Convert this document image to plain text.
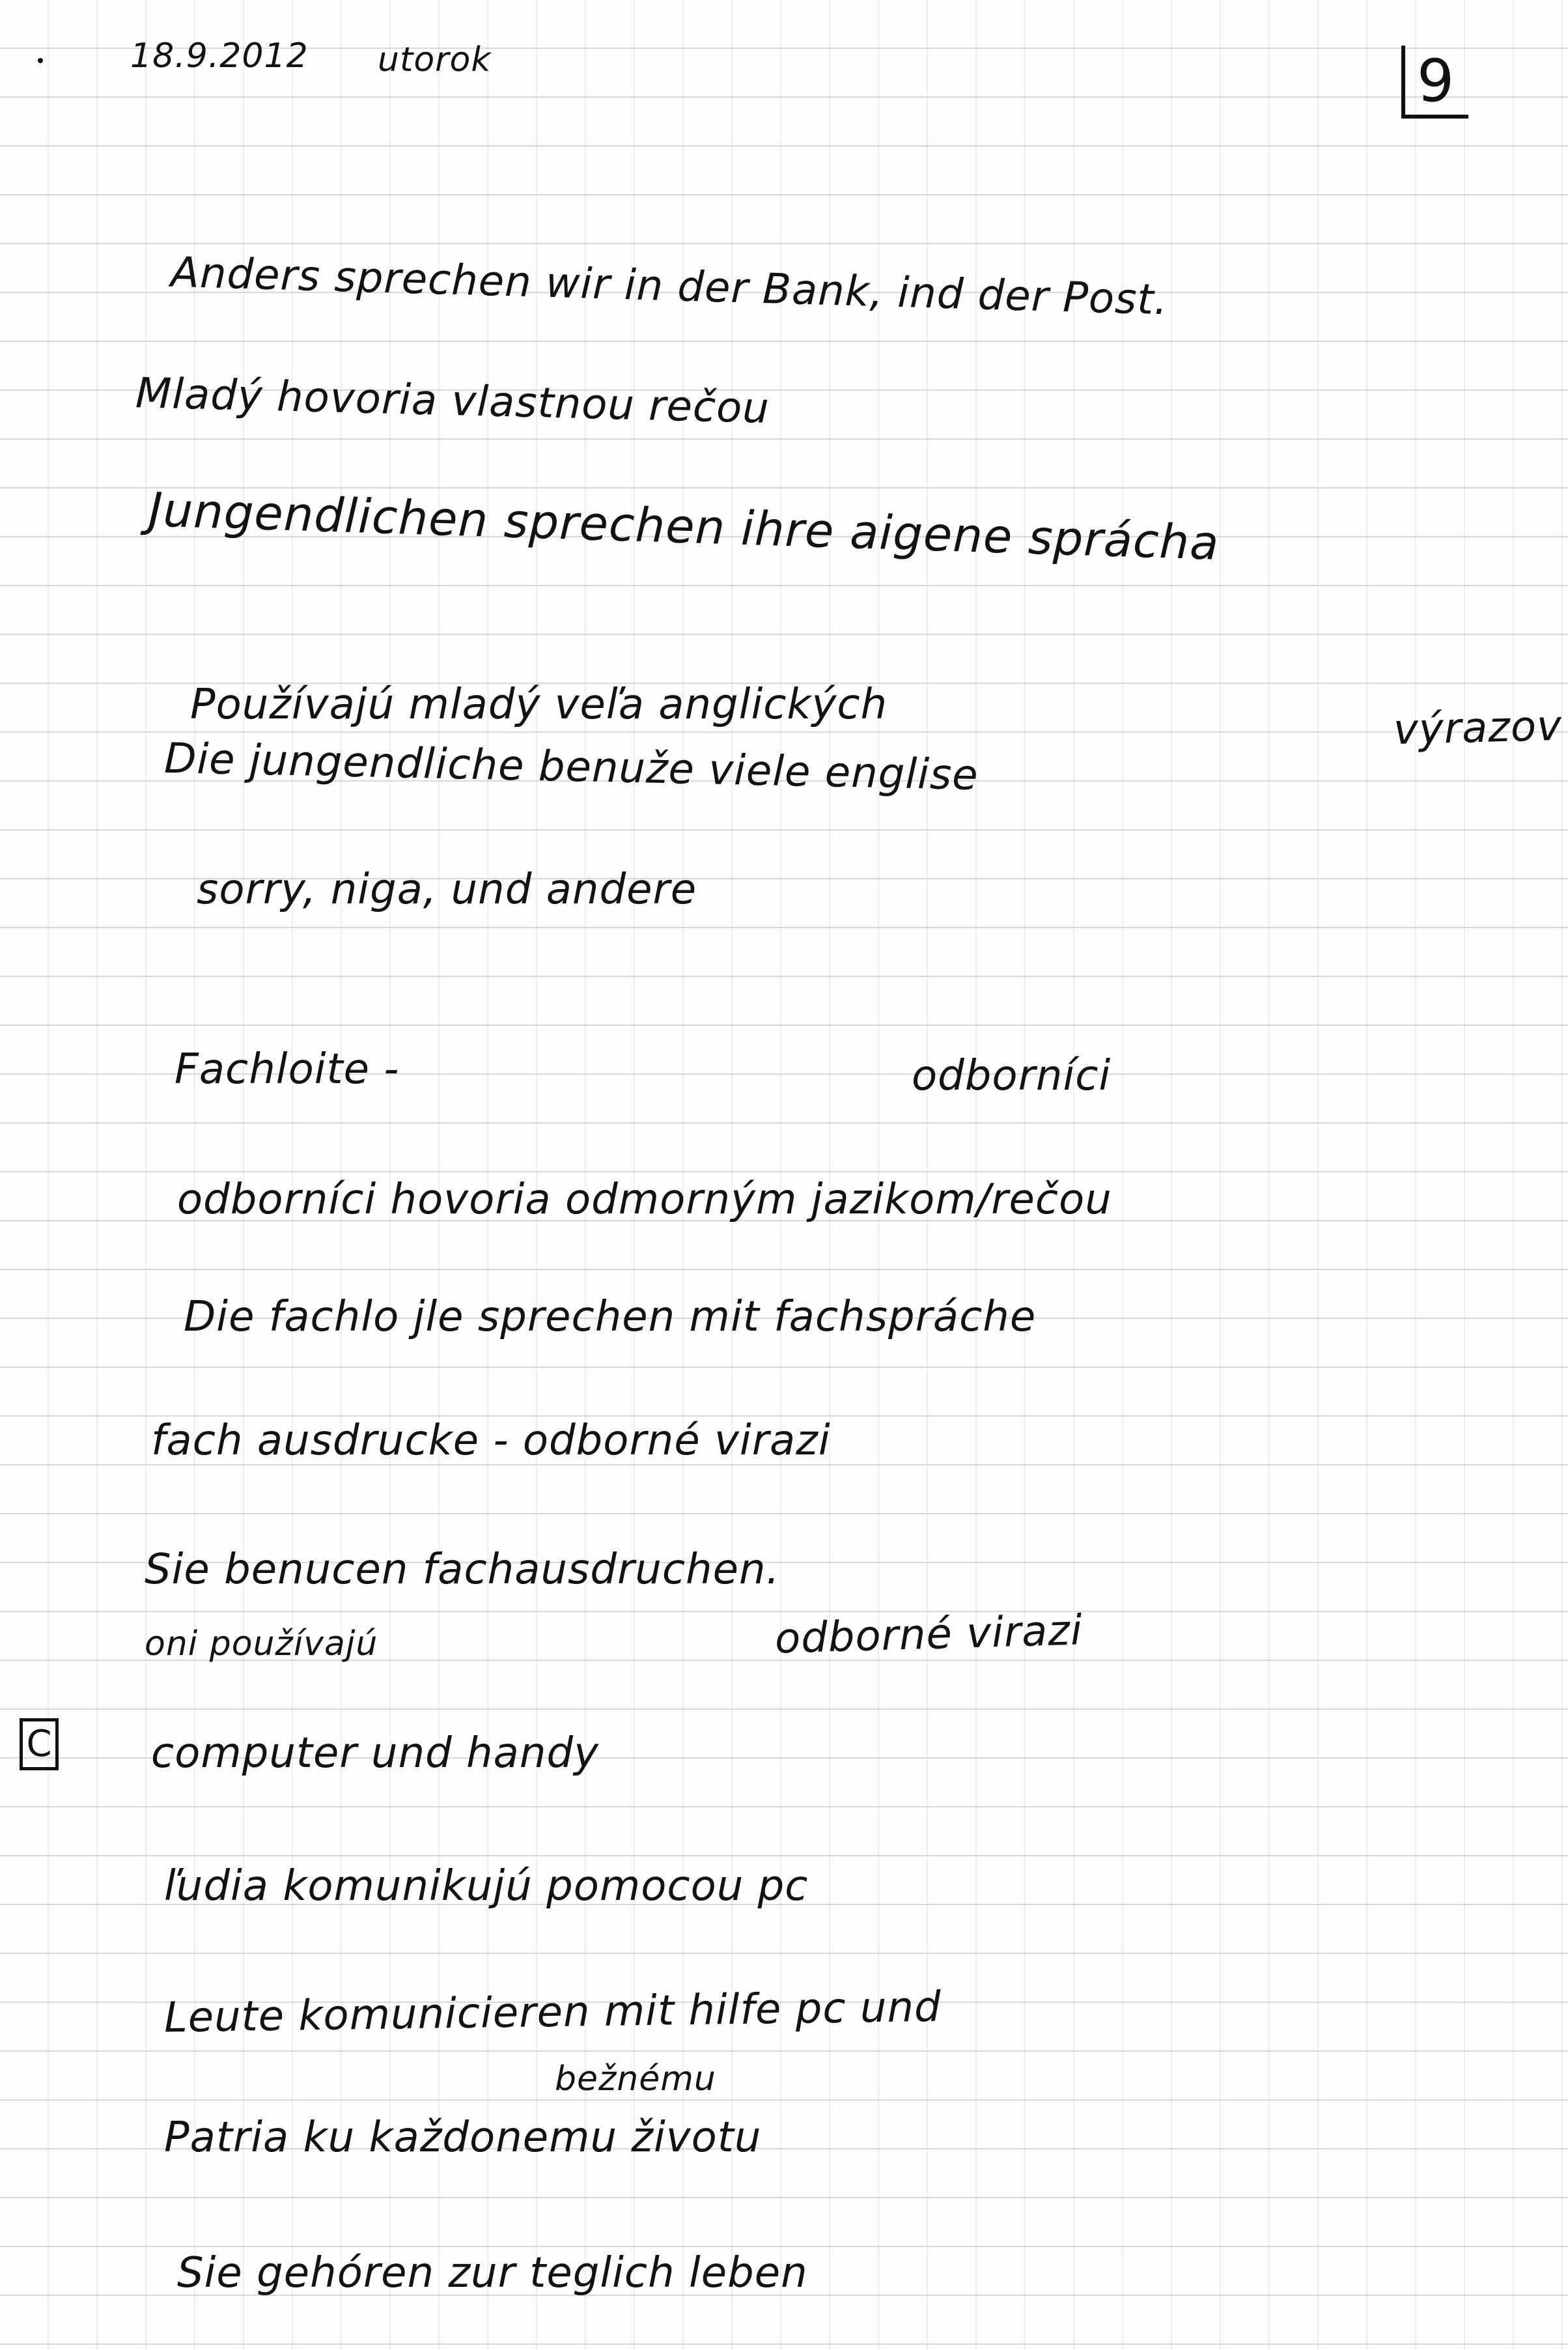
18.9.2012 utorok	9
Anders sprechen wir in der Bank, ind der Post.
Mladý hovoria vlastnou rečou
Jungendlichen sprechen ihre aigene sprácha
Používajú mladý veľa anglických	výrazov
Die jungendliche benuže viele englise
sorry, niga, und andere
Fachloite -	odborníci
odborníci hovoria odmorným jazikom/rečou
Die fachlo jle sprechen mit fachspráche
fach ausdrucke - odborné virazi
Sie benucen fachausdruchen.
oni používajú	odborné virazi
C computer und handy
ľudia komunikujú pomocou pc
Leute komunicieren mit hilfe pc und
bežnému
Patria ku každonemu životu
Sie gehóren zur teglich leben
